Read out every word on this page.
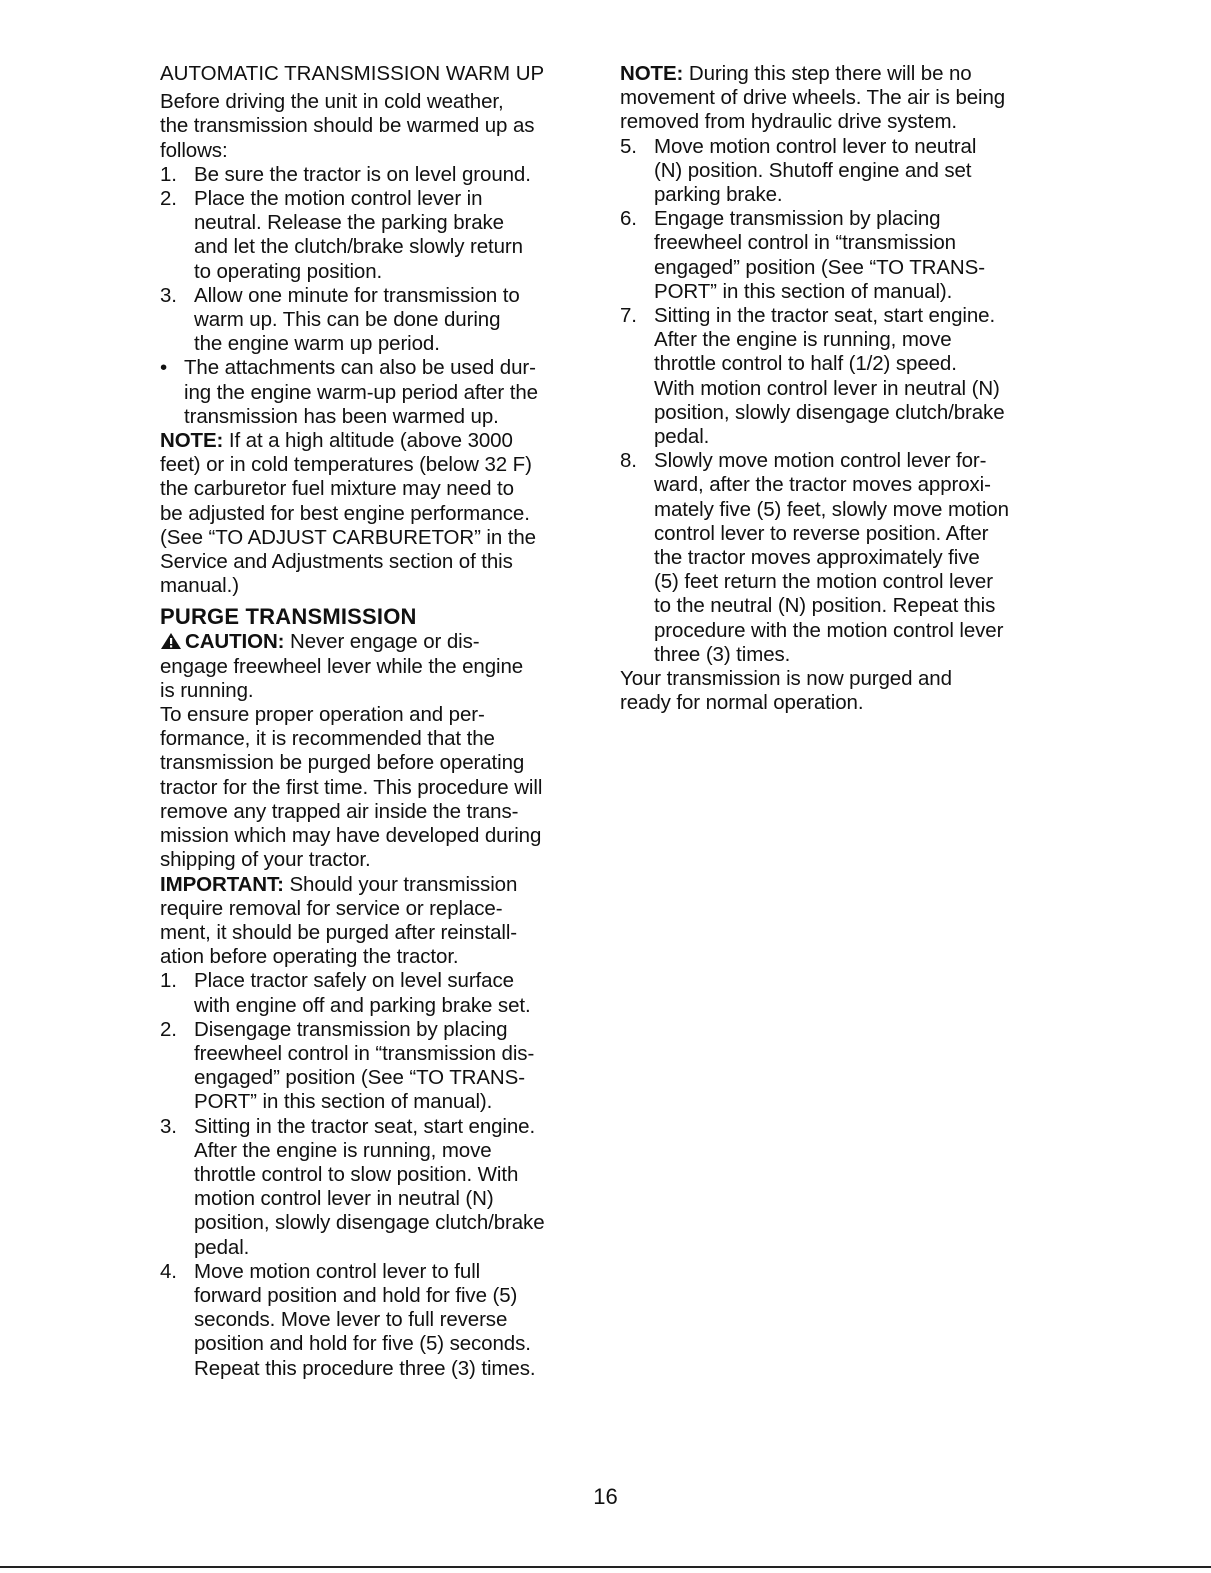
AUTOMATIC TRANSMISSION WARM UP
Before driving the unit in cold weather,
the transmission should be warmed up as
follows:
1. Be sure the tractor is on level ground.
2. Place the motion control lever in
neutral. Release the parking brake
and let the clutch/brake slowly return
to operating position.
3. Allow one minute for transmission to
warm up. This can be done during
the engine warm up period.
• The attachments can also be used dur-
ing the engine warm-up period after the
transmission has been warmed up.
NOTE: If at a high altitude (above 3000
feet) or in cold temperatures (below 32 F)
the carburetor fuel mixture may need to
be adjusted for best engine performance.
(See “TO ADJUST CARBURETOR” in the
Service and Adjustments section of this
manual.)
PURGE TRANSMISSION
CAUTION: Never engage or dis-
engage freewheel lever while the engine
is running.
To ensure proper operation and per-
formance, it is recommended that the
transmission be purged before operating
tractor for the first time. This procedure will
remove any trapped air inside the trans-
mission which may have developed during
shipping of your tractor.
IMPORTANT: Should your transmission
require removal for service or replace-
ment, it should be purged after reinstall-
ation before operating the tractor.
1. Place tractor safely on level surface
with engine off and parking brake set.
2. Disengage transmission by placing
freewheel control in “transmission dis-
engaged” position (See “TO TRANS-
PORT” in this section of manual).
3. Sitting in the tractor seat, start engine.
After the engine is running, move
throttle control to slow position. With
motion control lever in neutral (N)
position, slowly disengage clutch/brake
pedal.
4. Move motion control lever to full
forward position and hold for five (5)
seconds. Move lever to full reverse
position and hold for five (5) seconds.
Repeat this procedure three (3) times.
NOTE: During this step there will be no
movement of drive wheels. The air is being
removed from hydraulic drive system.
5. Move motion control lever to neutral
(N) position. Shutoff engine and set
parking brake.
6. Engage transmission by placing
freewheel control in “transmission
engaged” position (See “TO TRANS-
PORT” in this section of manual).
7. Sitting in the tractor seat, start engine.
After the engine is running, move
throttle control to half (1/2) speed.
With motion control lever in neutral (N)
position, slowly disengage clutch/brake
pedal.
8. Slowly move motion control lever for-
ward, after the tractor moves approxi-
mately five (5) feet, slowly move motion
control lever to reverse position. After
the tractor moves approximately five
(5) feet return the motion control lever
to the neutral (N) position. Repeat this
procedure with the motion control lever
three (3) times.
Your transmission is now purged and
ready for normal operation.
16
